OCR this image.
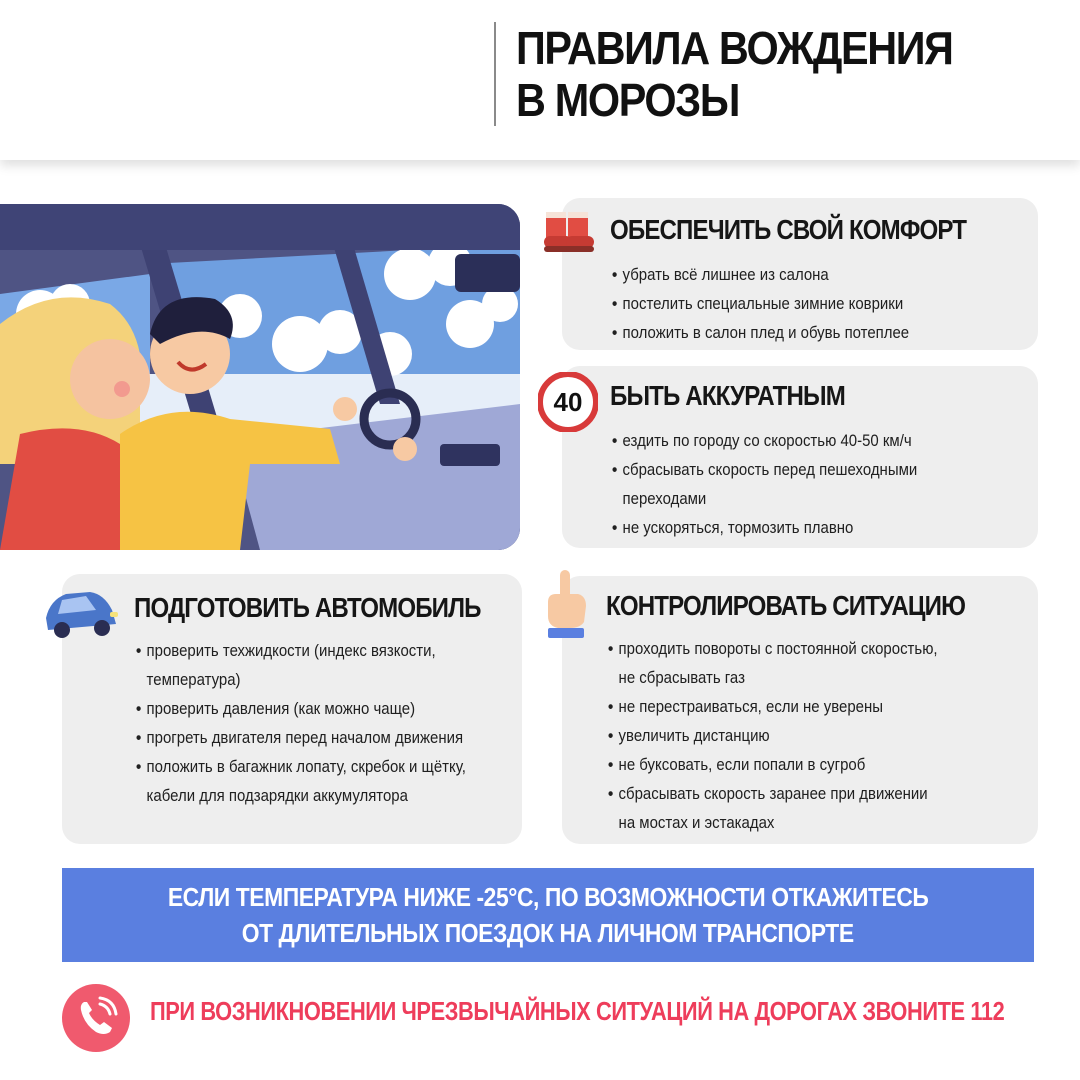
ПРАВИЛА ВОЖДЕНИЯ
В МОРОЗЫ
ОБЕСПЕЧИТЬ СВОЙ КОМФОРТ
• убрать всё лишнее из салона
• постелить специальные зимние коврики
• положить в салон плед и обувь потеплее
40 БЫТЬ АККУРАТНЫМ
• ездить по городу со скоростью 40-50 км/ч
• сбрасывать скорость перед пешеходными
переходами
• не ускоряться, тормозить плавно
ПОДГОТОВИТЬ АВТОМОБИЛЬ
• проверить техжидкости (индекс вязкости,
температура)
• проверить давления (как можно чаще)
• прогреть двигателя перед началом движения
• положить в багажник лопату, скребок и щётку,
кабели для подзарядки аккумулятора
КОНТРОЛИРОВАТЬ СИТУАЦИЮ
• проходить повороты с постоянной скоростью,
не сбрасывать газ
• не перестраиваться, если не уверены
• увеличить дистанцию
• не буксовать, если попали в сугроб
• сбрасывать скорость заранее при движении
на мостах и эстакадах
ЕСЛИ ТЕМПЕРАТУРА НИЖЕ -25°С, ПО ВОЗМОЖНОСТИ ОТКАЖИТЕСЬ
ОТ ДЛИТЕЛЬНЫХ ПОЕЗДОК НА ЛИЧНОМ ТРАНСПОРТЕ
ПРИ ВОЗНИКНОВЕНИИ ЧРЕЗВЫЧАЙНЫХ СИТУАЦИЙ НА ДОРОГАХ ЗВОНИТЕ 112
